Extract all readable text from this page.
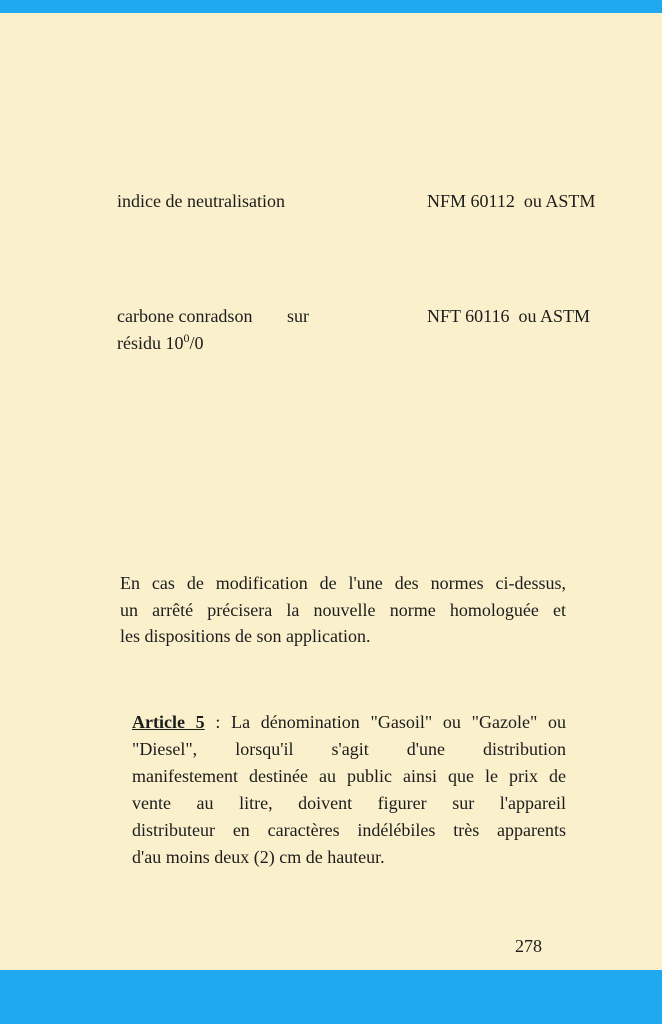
indice de neutralisation	NFM 60112  ou ASTM
carbone conradson sur
résidu $10^0/0$
NFT 60116  ou ASTM
En cas de modification de l'une des normes ci-dessus,
un arrêté précisera la nouvelle norme homologuée et
les dispositions de son application.
Article 5 : La dénomination "Gasoil" ou "Gazole" ou
"Diesel", lorsqu'il s'agit d'une distribution
manifestement destinée au public ainsi que le prix de
vente au litre, doivent figurer sur l'appareil
distributeur en caractères indélébiles très apparents
d'au moins deux (2) cm de hauteur.
278
